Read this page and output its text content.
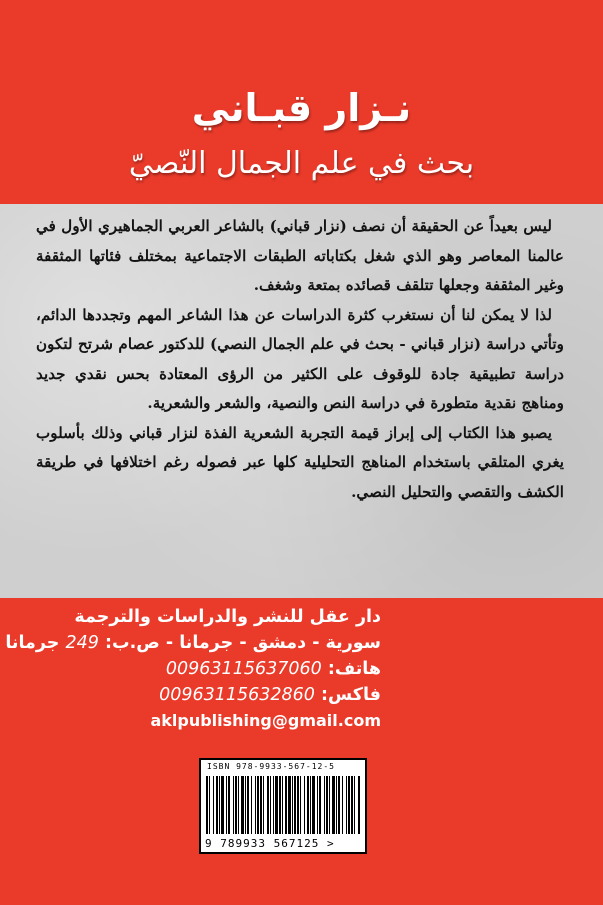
نـزار قبـاني
بحث في علم الجمال النّصيّ

ليس بعيداً عن الحقيقة أن نصف (نزار قباني) بالشاعر العربي الجماهيري الأول في عالمنا المعاصر وهو الذي شغل بكتاباته الطبقات الاجتماعية بمختلف فئاتها المثقفة وغير المثقفة وجعلها تتلقف قصائده بمتعة وشغف.

لذا لا يمكن لنا أن نستغرب كثرة الدراسات عن هذا الشاعر المهم وتجددها الدائم، وتأتي دراسة (نزار قباني - بحث في علم الجمال النصي) للدكتور عصام شرتح لتكون دراسة تطبيقية جادة للوقوف على الكثير من الرؤى المعتادة بحس نقدي جديد ومناهج نقدية متطورة في دراسة النص والنصية، والشعر والشعرية.

يصبو هذا الكتاب إلى إبراز قيمة التجربة الشعرية الفذة لنزار قباني وذلك بأسلوب يغري المتلقي باستخدام المناهج التحليلية كلها عبر فصوله رغم اختلافها في طريقة الكشف والتقصي والتحليل النصي.

دار عقل للنشر والدراسات والترجمة
سورية - دمشق - جرمانا - ص.ب: 249 جرمانا
هاتف: 00963115637060
فاكس: 00963115632860
aklpublishing@gmail.com
ISBN 978-9933-567-12-5
9 789933 567125 >
